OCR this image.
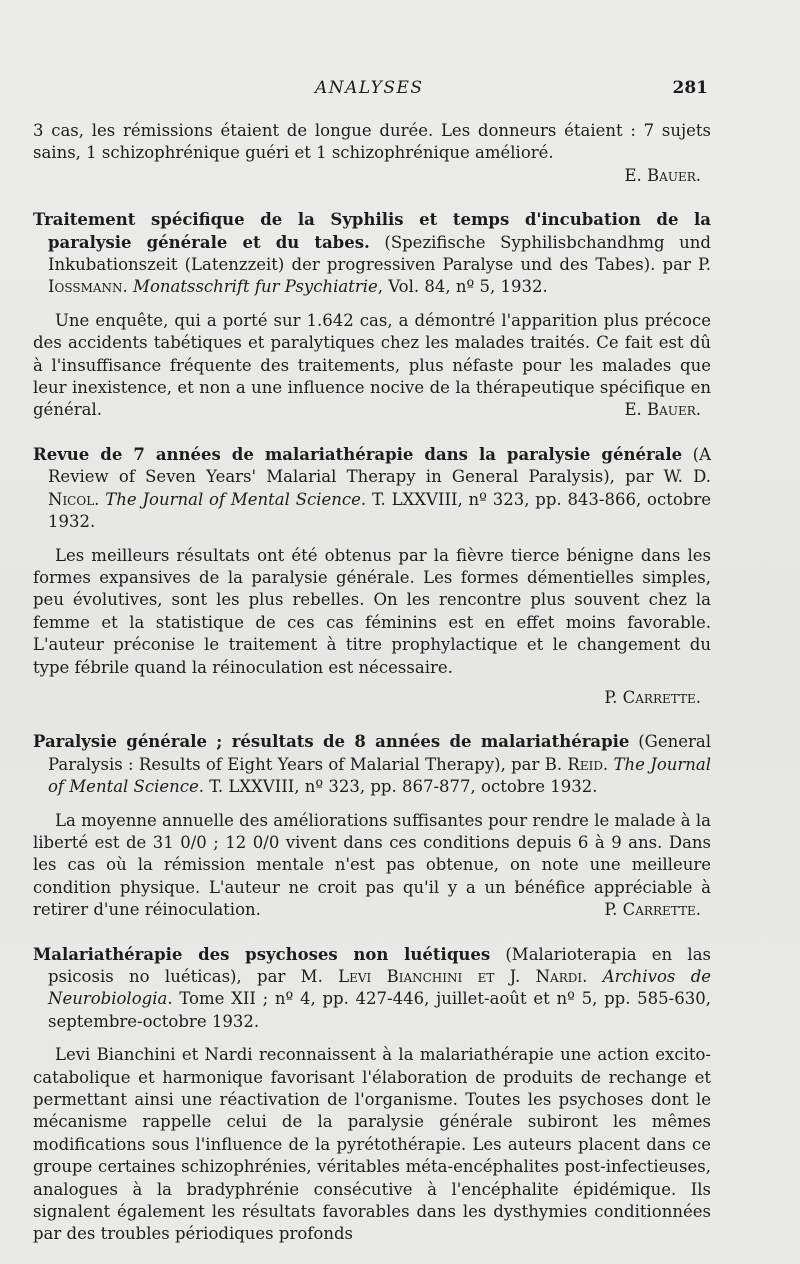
ANALYSES	281

3 cas, les rémissions étaient de longue durée. Les donneurs étaient : 7 sujets sains, 1 schizophrénique guéri et 1 schizophrénique amélioré.

E. Bauer.

Traitement spécifique de la Syphilis et temps d'incubation de la paralysie générale et du tabes. (Spezifische Syphilisbchandhmg und Inkubationszeit (Latenzzeit) der progressiven Paralyse und des Tabes). par P. Iossmann. Monatsschrift fur Psychiatrie, Vol. 84, nº 5, 1932.

Une enquête, qui a porté sur 1.642 cas, a démontré l'apparition plus précoce des accidents tabétiques et paralytiques chez les malades traités. Ce fait est dû à l'insuffisance fréquente des traitements, plus néfaste pour les malades que leur inexistence, et non a une influence nocive de la thérapeutique spécifique en général.	E. Bauer.

Revue de 7 années de malariathérapie dans la paralysie générale (A Review of Seven Years' Malarial Therapy in General Paralysis), par W. D. Nicol. The Journal of Mental Science. T. LXXVIII, nº 323, pp. 843-866, octobre 1932.

Les meilleurs résultats ont été obtenus par la fièvre tierce bénigne dans les formes expansives de la paralysie générale. Les formes démentielles simples, peu évolutives, sont les plus rebelles. On les rencontre plus souvent chez la femme et la statistique de ces cas féminins est en effet moins favorable. L'auteur préconise le traitement à titre prophylactique et le changement du type fébrile quand la réinoculation est nécessaire.

P. Carrette.

Paralysie générale ; résultats de 8 années de malariathérapie (General Paralysis : Results of Eight Years of Malarial Therapy), par B. Reid. The Journal of Mental Science. T. LXXVIII, nº 323, pp. 867-877, octobre 1932.

La moyenne annuelle des améliorations suffisantes pour rendre le malade à la liberté est de 31 0/0 ; 12 0/0 vivent dans ces conditions depuis 6 à 9 ans. Dans les cas où la rémission mentale n'est pas obtenue, on note une meilleure condition physique. L'auteur ne croit pas qu'il y a un bénéfice appréciable à retirer d'une réinoculation.	P. Carrette.

Malariathérapie des psychoses non luétiques (Malarioterapia en las psicosis no luéticas), par M. Levi Bianchini et J. Nardi. Archivos de Neurobiologia. Tome XII ; nº 4, pp. 427-446, juillet-août et nº 5, pp. 585-630, septembre-octobre 1932.

Levi Bianchini et Nardi reconnaissent à la malariathérapie une action excito-catabolique et harmonique favorisant l'élaboration de produits de rechange et permettant ainsi une réactivation de l'organisme. Toutes les psychoses dont le mécanisme rappelle celui de la paralysie générale subiront les mêmes modifications sous l'influence de la pyrétothérapie. Les auteurs placent dans ce groupe certaines schizophrénies, véritables méta-encéphalites post-infectieuses, analogues à la bradyphrénie consécutive à l'encéphalite épidémique. Ils signalent également les résultats favorables dans les dysthymies conditionnées par des troubles périodiques profonds
